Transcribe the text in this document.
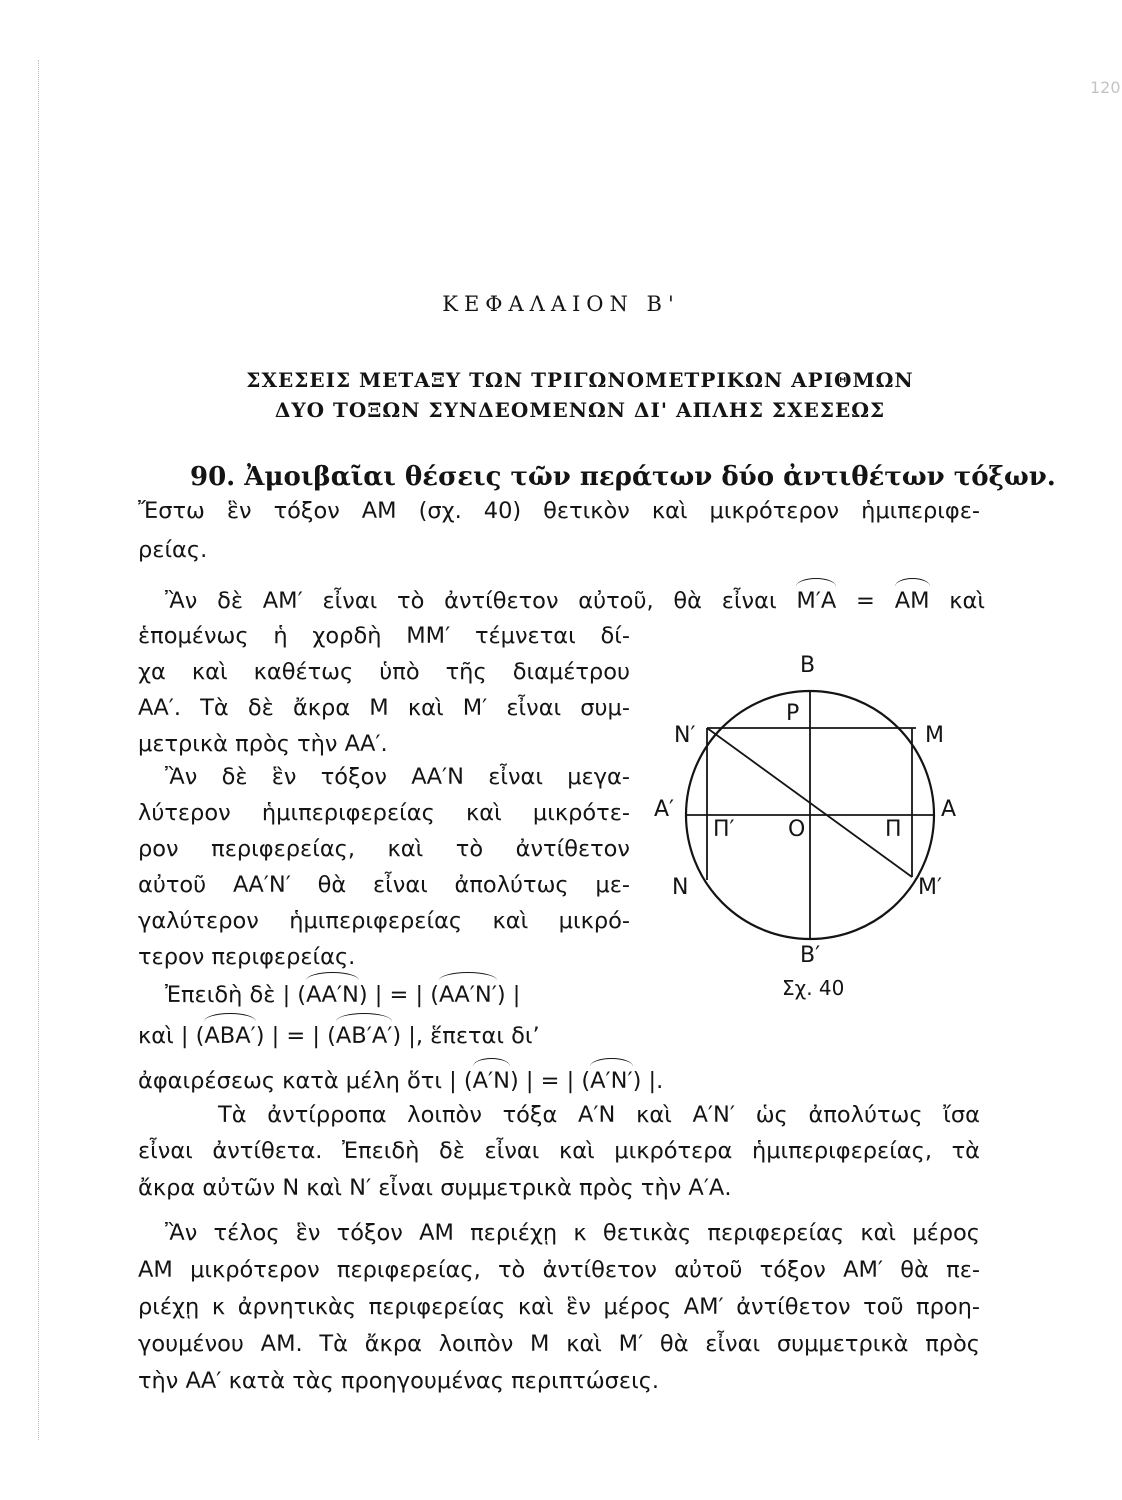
120
ΚΕΦΑΛΑΙΟΝ Β'
ΣΧΕΣΕΙΣ ΜΕΤΑΞΥ ΤΩΝ ΤΡΙΓΩΝΟΜΕΤΡΙΚΩΝ ΑΡΙΘΜΩΝ
ΔΥΟ ΤΟΞΩΝ ΣΥΝΔΕΟΜΕΝΩΝ ΔΙ' ΑΠΛΗΣ ΣΧΕΣΕΩΣ
90. Ἀμοιβαῖαι θέσεις τῶν περάτων δύο ἀντιθέτων τόξων.
Ἔστω ἓν τόξον ΑΜ (σχ. 40) θετικὸν καὶ μικρότερον ἡμιπεριφε-
ρείας.
Ἂν δὲ ΑΜ′ εἶναι τὸ ἀντίθετον αὐτοῦ, θὰ εἶναι Μ′Α = ΑΜ καὶ
ἑπομένως ἡ χορδὴ ΜΜ′ τέμνεται δί-
χα καὶ καθέτως ὑπὸ τῆς διαμέτρου
ΑΑ′. Τὰ δὲ ἄκρα Μ καὶ Μ′ εἶναι συμ-
μετρικὰ πρὸς τὴν ΑΑ′.
Ἂν δὲ ἓν τόξον ΑΑ′Ν εἶναι μεγα-
λύτερον ἡμιπεριφερείας καὶ μικρότε-
ρον περιφερείας, καὶ τὸ ἀντίθετον
αὐτοῦ ΑΑ′Ν′ θὰ εἶναι ἀπολύτως με-
γαλύτερον ἡμιπεριφερείας καὶ μικρό-
τερον περιφερείας.
Ἐπειδὴ δὲ | (ΑΑ′Ν) | = | (ΑΑ′Ν′) |
καὶ | (ΑΒΑ′) | = | (ΑΒ′Α′) |, ἕπεται δι’
ἀφαιρέσεως κατὰ μέλη ὅτι | (Α′Ν) | = | (Α′Ν′) |.
Τὰ ἀντίρροπα λοιπὸν τόξα Α′Ν καὶ Α′Ν′ ὡς ἀπολύτως ἴσα
εἶναι ἀντίθετα. Ἐπειδὴ δὲ εἶναι καὶ μικρότερα ἡμιπεριφερείας, τὰ
ἄκρα αὐτῶν Ν καὶ Ν′ εἶναι συμμετρικὰ πρὸς τὴν Α′Α.
Ἂν τέλος ἓν τόξον ΑΜ περιέχῃ κ θετικὰς περιφερείας καὶ μέρος
ΑΜ μικρότερον περιφερείας, τὸ ἀντίθετον αὐτοῦ τόξον ΑΜ′ θὰ πε-
ριέχῃ κ ἀρνητικὰς περιφερείας καὶ ἓν μέρος ΑΜ′ ἀντίθετον τοῦ προη-
γουμένου ΑΜ. Τὰ ἄκρα λοιπὸν Μ καὶ Μ′ θὰ εἶναι συμμετρικὰ πρὸς
τὴν ΑΑ′ κατὰ τὰς προηγουμένας περιπτώσεις.
B
P
N′	M
A′	A
Π′ O	Π
N	M′
B′
Σχ. 40
